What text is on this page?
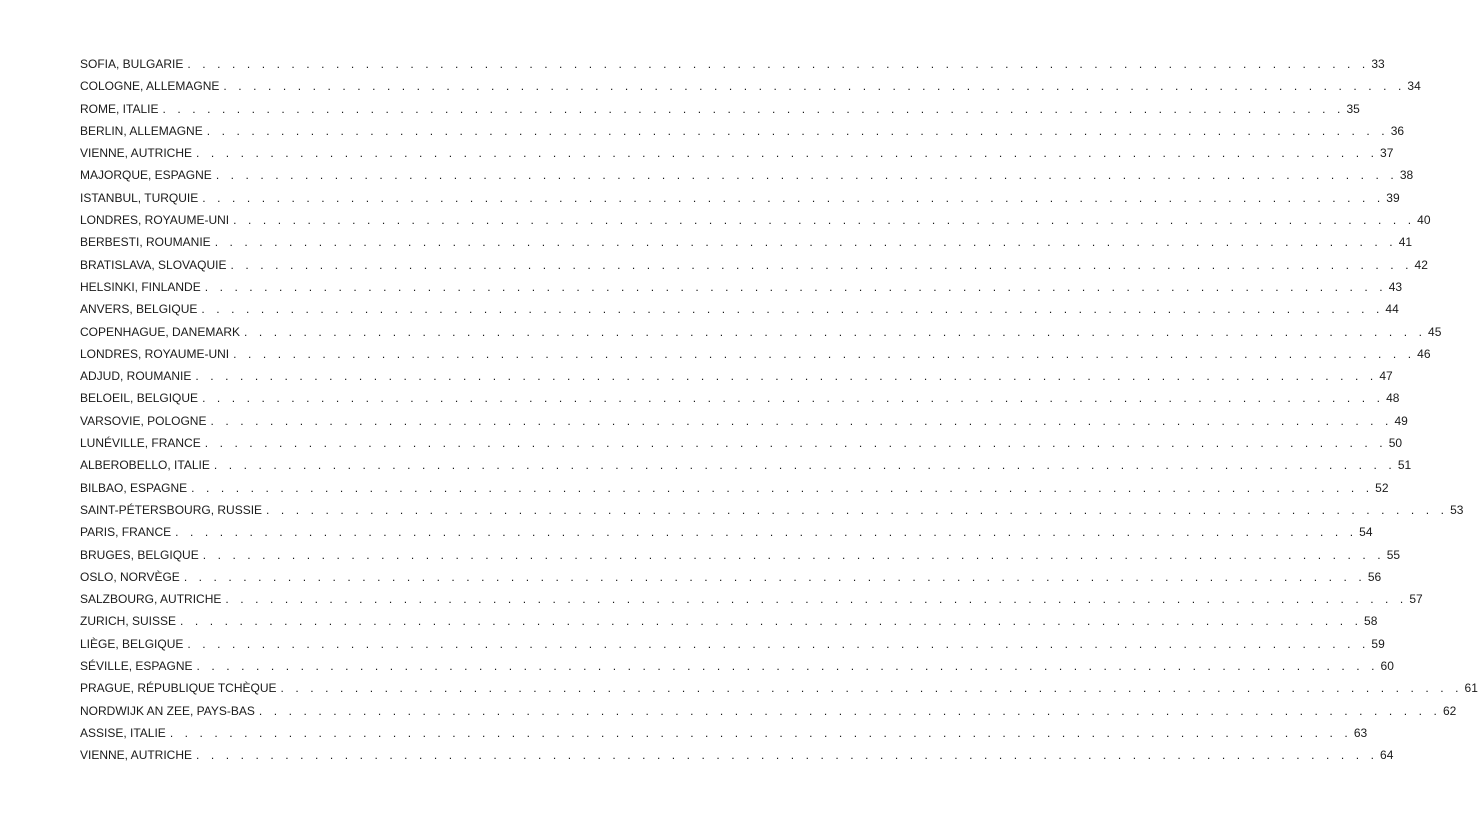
SOFIA, BULGARIE . . . . . . . . . . . . . . . . . . . . . . . . . . . . . . . . . . . . . . . . . . . . . . . . . . . . . . . . . . . . . . . . . . . . . . . . . . . . . . . . 33
COLOGNE, ALLEMAGNE . . . . . . . . . . . . . . . . . . . . . . . . . . . . . . . . . . . . . . . . . . . . . . . . . . . . . . . . . . . . . . . . . . . . . . . . . . . . . . . . 34
ROME, ITALIE . . . . . . . . . . . . . . . . . . . . . . . . . . . . . . . . . . . . . . . . . . . . . . . . . . . . . . . . . . . . . . . . . . . . . . . . . . . . . . . . 35
BERLIN, ALLEMAGNE . . . . . . . . . . . . . . . . . . . . . . . . . . . . . . . . . . . . . . . . . . . . . . . . . . . . . . . . . . . . . . . . . . . . . . . . . . . . . . . . 36
VIENNE, AUTRICHE . . . . . . . . . . . . . . . . . . . . . . . . . . . . . . . . . . . . . . . . . . . . . . . . . . . . . . . . . . . . . . . . . . . . . . . . . . . . . . . . 37
MAJORQUE, ESPAGNE . . . . . . . . . . . . . . . . . . . . . . . . . . . . . . . . . . . . . . . . . . . . . . . . . . . . . . . . . . . . . . . . . . . . . . . . . . . . . . . . 38
ISTANBUL, TURQUIE . . . . . . . . . . . . . . . . . . . . . . . . . . . . . . . . . . . . . . . . . . . . . . . . . . . . . . . . . . . . . . . . . . . . . . . . . . . . . . . . 39
LONDRES, ROYAUME-UNI . . . . . . . . . . . . . . . . . . . . . . . . . . . . . . . . . . . . . . . . . . . . . . . . . . . . . . . . . . . . . . . . . . . . . . . . . . . . . . . . 40
BERBESTI, ROUMANIE . . . . . . . . . . . . . . . . . . . . . . . . . . . . . . . . . . . . . . . . . . . . . . . . . . . . . . . . . . . . . . . . . . . . . . . . . . . . . . . . 41
BRATISLAVA, SLOVAQUIE . . . . . . . . . . . . . . . . . . . . . . . . . . . . . . . . . . . . . . . . . . . . . . . . . . . . . . . . . . . . . . . . . . . . . . . . . . . . . . . . 42
HELSINKI, FINLANDE . . . . . . . . . . . . . . . . . . . . . . . . . . . . . . . . . . . . . . . . . . . . . . . . . . . . . . . . . . . . . . . . . . . . . . . . . . . . . . . . 43
ANVERS, BELGIQUE . . . . . . . . . . . . . . . . . . . . . . . . . . . . . . . . . . . . . . . . . . . . . . . . . . . . . . . . . . . . . . . . . . . . . . . . . . . . . . . . 44
COPENHAGUE, DANEMARK . . . . . . . . . . . . . . . . . . . . . . . . . . . . . . . . . . . . . . . . . . . . . . . . . . . . . . . . . . . . . . . . . . . . . . . . . . . . . . . . 45
LONDRES, ROYAUME-UNI . . . . . . . . . . . . . . . . . . . . . . . . . . . . . . . . . . . . . . . . . . . . . . . . . . . . . . . . . . . . . . . . . . . . . . . . . . . . . . . . 46
ADJUD, ROUMANIE . . . . . . . . . . . . . . . . . . . . . . . . . . . . . . . . . . . . . . . . . . . . . . . . . . . . . . . . . . . . . . . . . . . . . . . . . . . . . . . . 47
BELOEIL, BELGIQUE . . . . . . . . . . . . . . . . . . . . . . . . . . . . . . . . . . . . . . . . . . . . . . . . . . . . . . . . . . . . . . . . . . . . . . . . . . . . . . . . 48
VARSOVIE, POLOGNE . . . . . . . . . . . . . . . . . . . . . . . . . . . . . . . . . . . . . . . . . . . . . . . . . . . . . . . . . . . . . . . . . . . . . . . . . . . . . . . . 49
LUNÉVILLE, FRANCE . . . . . . . . . . . . . . . . . . . . . . . . . . . . . . . . . . . . . . . . . . . . . . . . . . . . . . . . . . . . . . . . . . . . . . . . . . . . . . . . 50
ALBEROBELLO, ITALIE . . . . . . . . . . . . . . . . . . . . . . . . . . . . . . . . . . . . . . . . . . . . . . . . . . . . . . . . . . . . . . . . . . . . . . . . . . . . . . . . 51
BILBAO, ESPAGNE . . . . . . . . . . . . . . . . . . . . . . . . . . . . . . . . . . . . . . . . . . . . . . . . . . . . . . . . . . . . . . . . . . . . . . . . . . . . . . . . 52
SAINT-PÉTERSBOURG, RUSSIE . . . . . . . . . . . . . . . . . . . . . . . . . . . . . . . . . . . . . . . . . . . . . . . . . . . . . . . . . . . . . . . . . . . . . . . . . . . . . . . . 53
PARIS, FRANCE . . . . . . . . . . . . . . . . . . . . . . . . . . . . . . . . . . . . . . . . . . . . . . . . . . . . . . . . . . . . . . . . . . . . . . . . . . . . . . . . 54
BRUGES, BELGIQUE . . . . . . . . . . . . . . . . . . . . . . . . . . . . . . . . . . . . . . . . . . . . . . . . . . . . . . . . . . . . . . . . . . . . . . . . . . . . . . . . 55
OSLO, NORVÈGE . . . . . . . . . . . . . . . . . . . . . . . . . . . . . . . . . . . . . . . . . . . . . . . . . . . . . . . . . . . . . . . . . . . . . . . . . . . . . . . . 56
SALZBOURG, AUTRICHE . . . . . . . . . . . . . . . . . . . . . . . . . . . . . . . . . . . . . . . . . . . . . . . . . . . . . . . . . . . . . . . . . . . . . . . . . . . . . . . . 57
ZURICH, SUISSE . . . . . . . . . . . . . . . . . . . . . . . . . . . . . . . . . . . . . . . . . . . . . . . . . . . . . . . . . . . . . . . . . . . . . . . . . . . . . . . . 58
LIÈGE, BELGIQUE . . . . . . . . . . . . . . . . . . . . . . . . . . . . . . . . . . . . . . . . . . . . . . . . . . . . . . . . . . . . . . . . . . . . . . . . . . . . . . . . 59
SÉVILLE, ESPAGNE . . . . . . . . . . . . . . . . . . . . . . . . . . . . . . . . . . . . . . . . . . . . . . . . . . . . . . . . . . . . . . . . . . . . . . . . . . . . . . . . 60
PRAGUE, RÉPUBLIQUE TCHÈQUE . . . . . . . . . . . . . . . . . . . . . . . . . . . . . . . . . . . . . . . . . . . . . . . . . . . . . . . . . . . . . . . . . . . . . . . . . . . . . . . . 61
NORDWIJK AN ZEE, PAYS-BAS . . . . . . . . . . . . . . . . . . . . . . . . . . . . . . . . . . . . . . . . . . . . . . . . . . . . . . . . . . . . . . . . . . . . . . . . . . . . . . . . 62
ASSISE, ITALIE . . . . . . . . . . . . . . . . . . . . . . . . . . . . . . . . . . . . . . . . . . . . . . . . . . . . . . . . . . . . . . . . . . . . . . . . . . . . . . . . 63
VIENNE, AUTRICHE . . . . . . . . . . . . . . . . . . . . . . . . . . . . . . . . . . . . . . . . . . . . . . . . . . . . . . . . . . . . . . . . . . . . . . . . . . . . . . . . 64
